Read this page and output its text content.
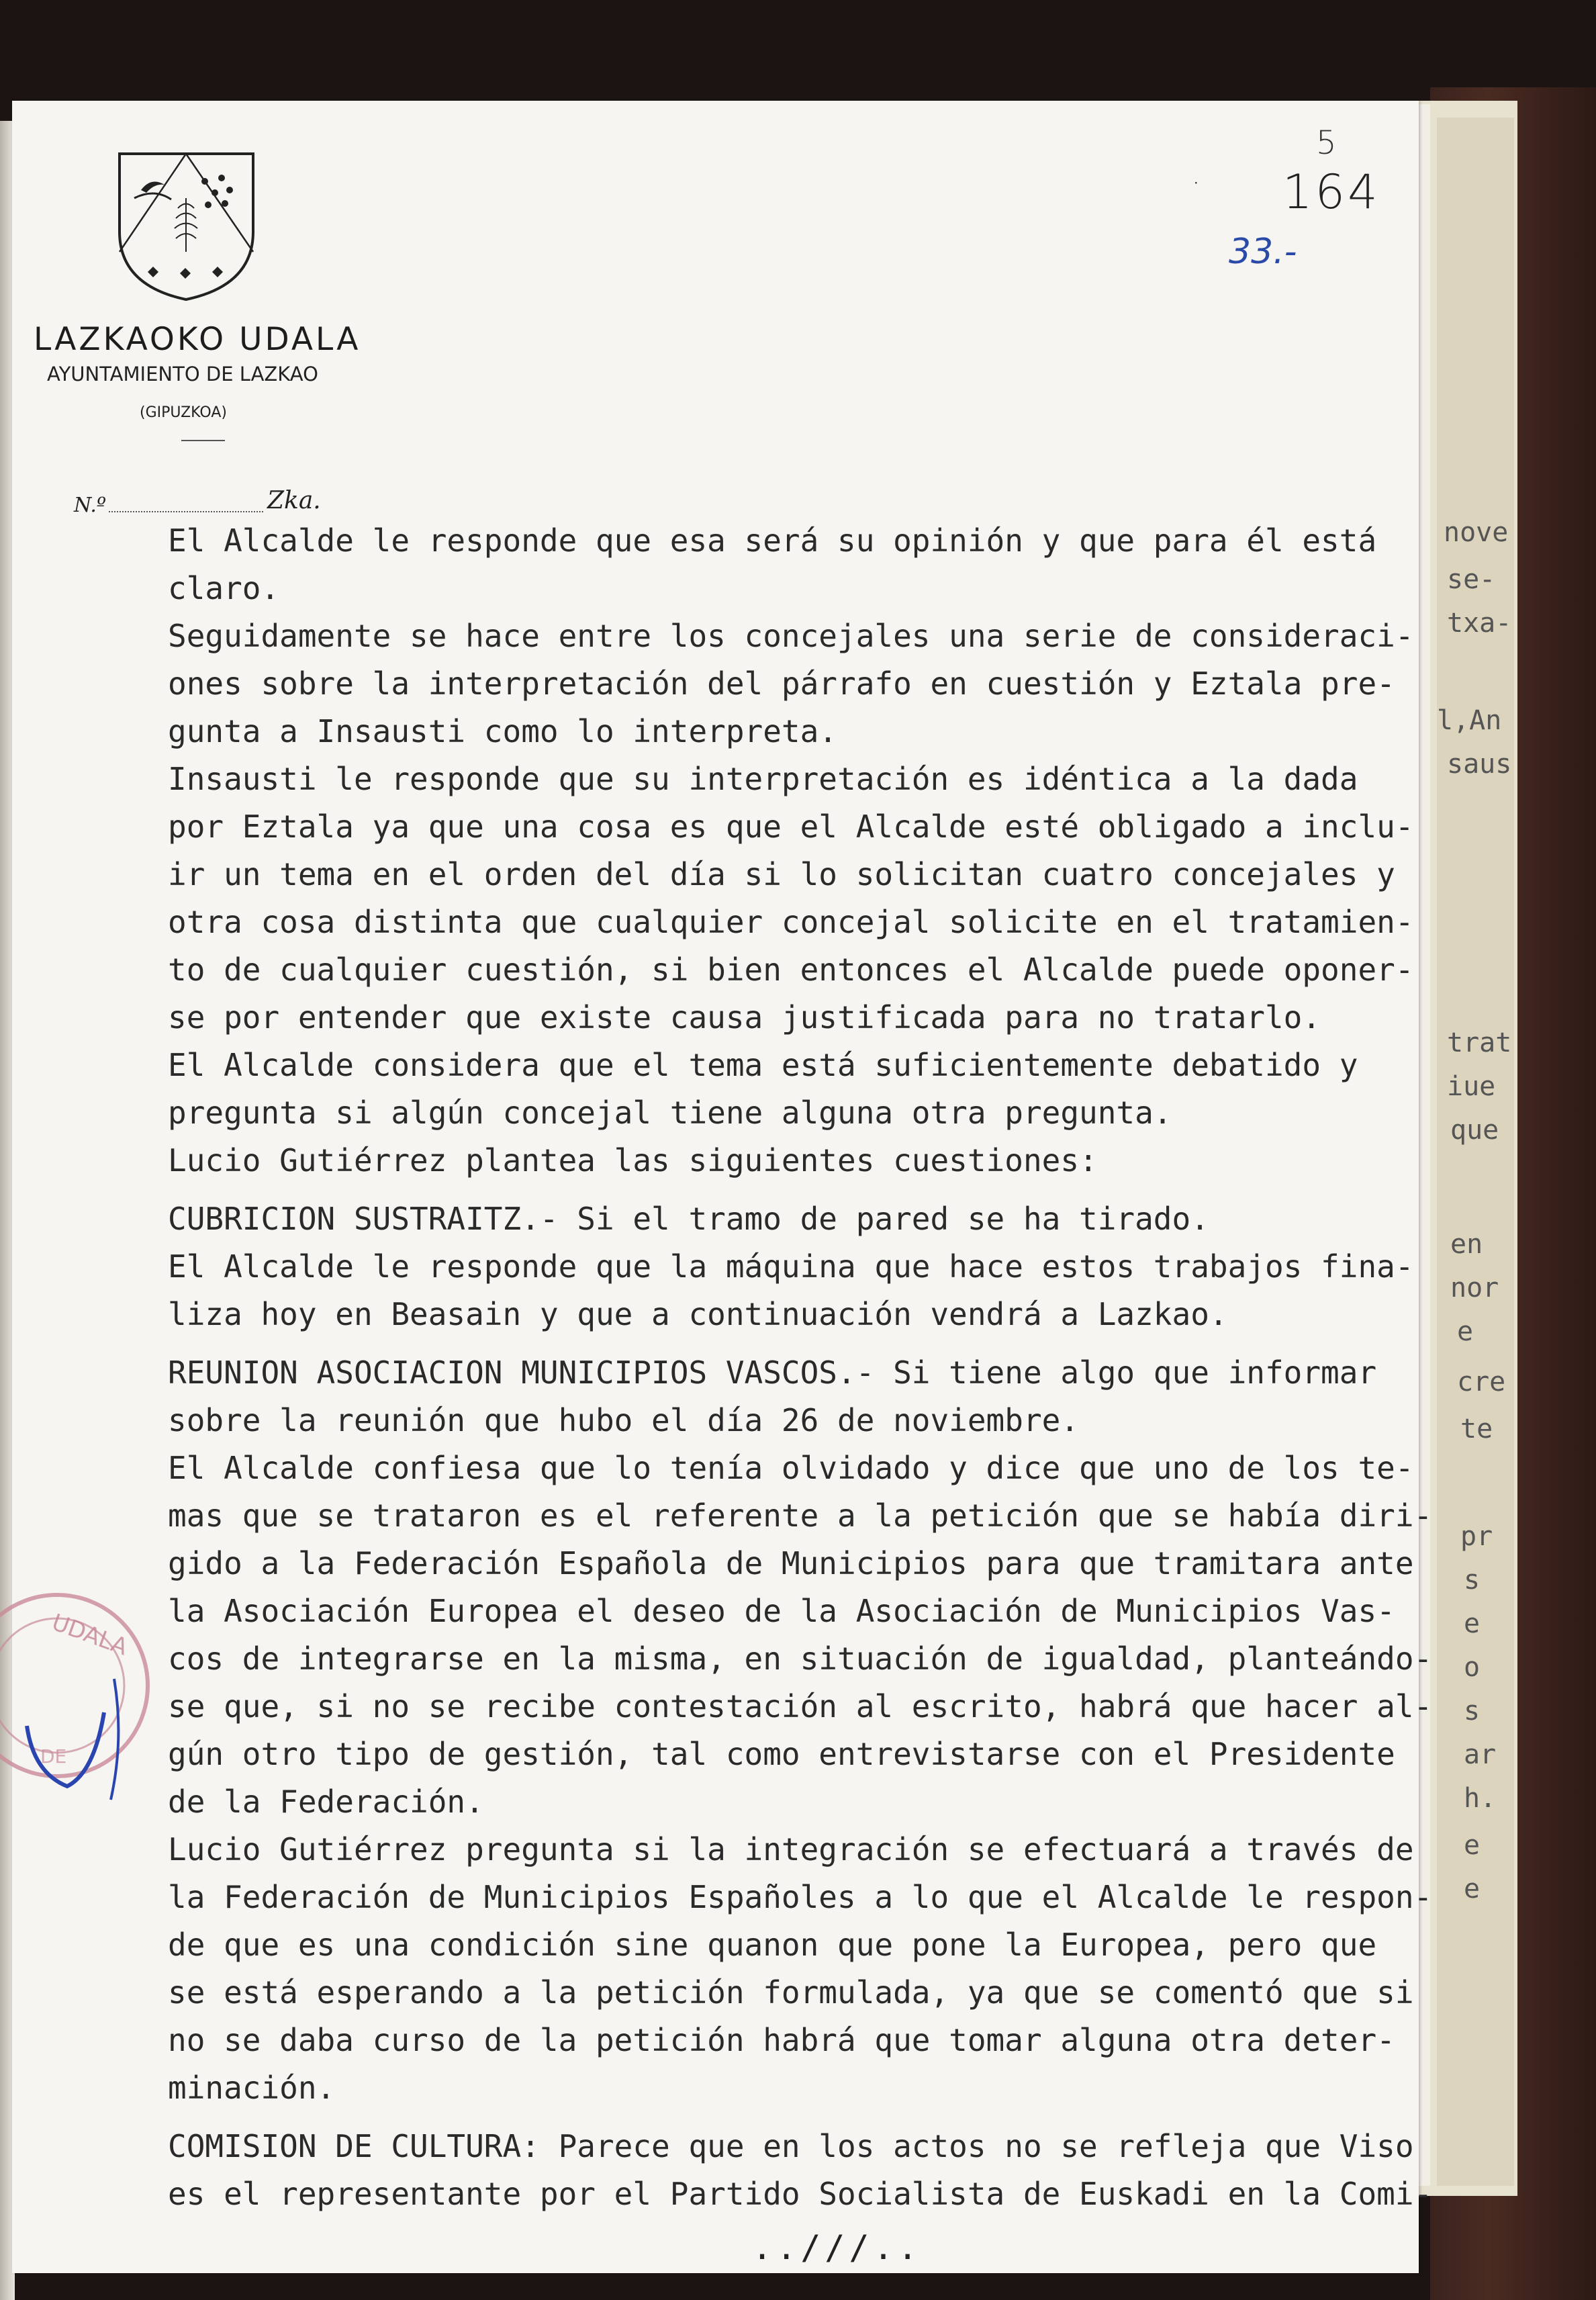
nove
se-
txa-
l,An
saus
trat
iue
que
en
nor
e
cre
te
pr
s
e
o
s
ar
h.
e
e
LAZKAOKO UDALA
AYUNTAMIENTO DE LAZKAO
(GIPUZKOA)
N.º	Zka.
5
· 164
33.-
El Alcalde le responde que esa será su opinión y que para él está
claro.
Seguidamente se hace entre los concejales una serie de consideraci-
ones sobre la interpretación del párrafo en cuestión y Eztala pre-
gunta a Insausti como lo interpreta.
Insausti le responde que su interpretación es idéntica a la dada
por Eztala ya que una cosa es que el Alcalde esté obligado a inclu-
ir un tema en el orden del día si lo solicitan cuatro concejales y
otra cosa distinta que cualquier concejal solicite en el tratamien-
to de cualquier cuestión, si bien entonces el Alcalde puede oponer-
se por entender que existe causa justificada para no tratarlo.
El Alcalde considera que el tema está suficientemente debatido y
pregunta si algún concejal tiene alguna otra pregunta.
Lucio Gutiérrez plantea las siguientes cuestiones:
CUBRICION SUSTRAITZ.- Si el tramo de pared se ha tirado.
El Alcalde le responde que la máquina que hace estos trabajos fina-
liza hoy en Beasain y que a continuación vendrá a Lazkao.
REUNION ASOCIACION MUNICIPIOS VASCOS.- Si tiene algo que informar
sobre la reunión que hubo el día 26 de noviembre.
El Alcalde confiesa que lo tenía olvidado y dice que uno de los te-
mas que se trataron es el referente a la petición que se había diri-
gido a la Federación Española de Municipios para que tramitara ante
la Asociación Europea el deseo de la Asociación de Municipios Vas-
cos de integrarse en la misma, en situación de igualdad, planteándo-
se que, si no se recibe contestación al escrito, habrá que hacer al-
gún otro tipo de gestión, tal como entrevistarse con el Presidente
de la Federación.
Lucio Gutiérrez pregunta si la integración se efectuará a través de
la Federación de Municipios Españoles a lo que el Alcalde le respon-
de que es una condición sine quanon que pone la Europea, pero que
se está esperando a la petición formulada, ya que se comentó que si
no se daba curso de la petición habrá que tomar alguna otra deter-
minación.
COMISION DE CULTURA: Parece que en los actos no se refleja que Viso
es el representante por el Partido Socialista de Euskadi en la Comi-
UDALA
DE
..///..
